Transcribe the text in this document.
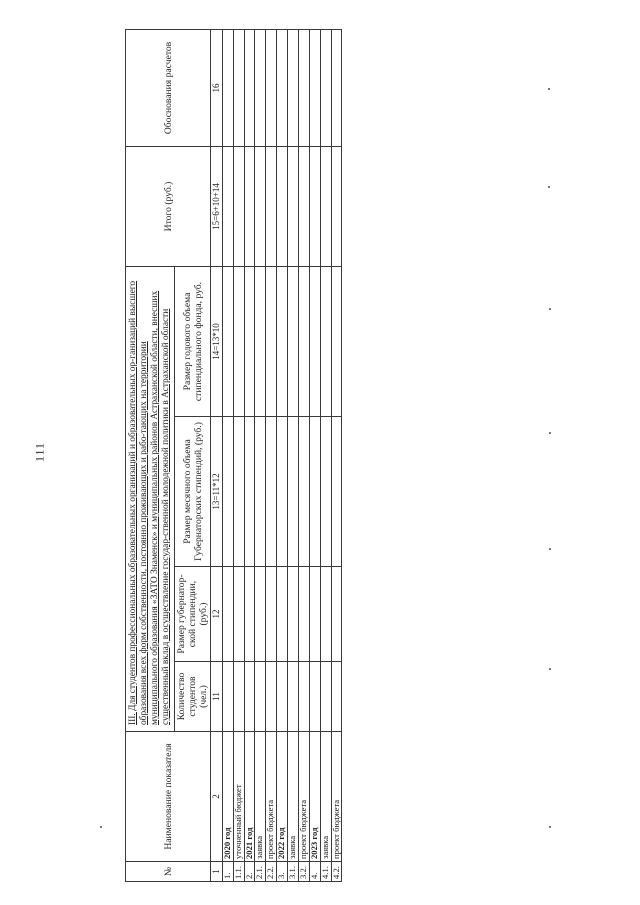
111
№	Наименование показателя	III. Для студентов профессиональных образовательных организаций и образовательных ор-ганизаций высшего образования всех форм собственности, постоянно проживающих и рабо-тающих на территории муниципального образования «ЗАТО Знаменск» и муниципальных районов Астраханской области, внесших существенный вклад в осуществление государ-ственной молодежной политики в Астраханской области				Итого (руб.)	Обоснования расчетов
		Количество студентов (чел.)	Размер губернатор-ской стипендии, (руб.)	Размер месячного объема Губернаторских стипендий, (руб.)	Размер годового объема стипендиального фонда, руб.		
1	2	11	12	13=11*12	14=13*10	15=6+10+14	16
1.	2020 год						
1.1.	уточненный бюджет						
2.	2021 год						
2.1.	заявка						
2.2.	проект бюджета						
3.	2022 год						
3.1.	заявка						
3.2.	проект бюджета						
4.	2023 год						
4.1.	заявка						
4.2.	проект бюджета						
